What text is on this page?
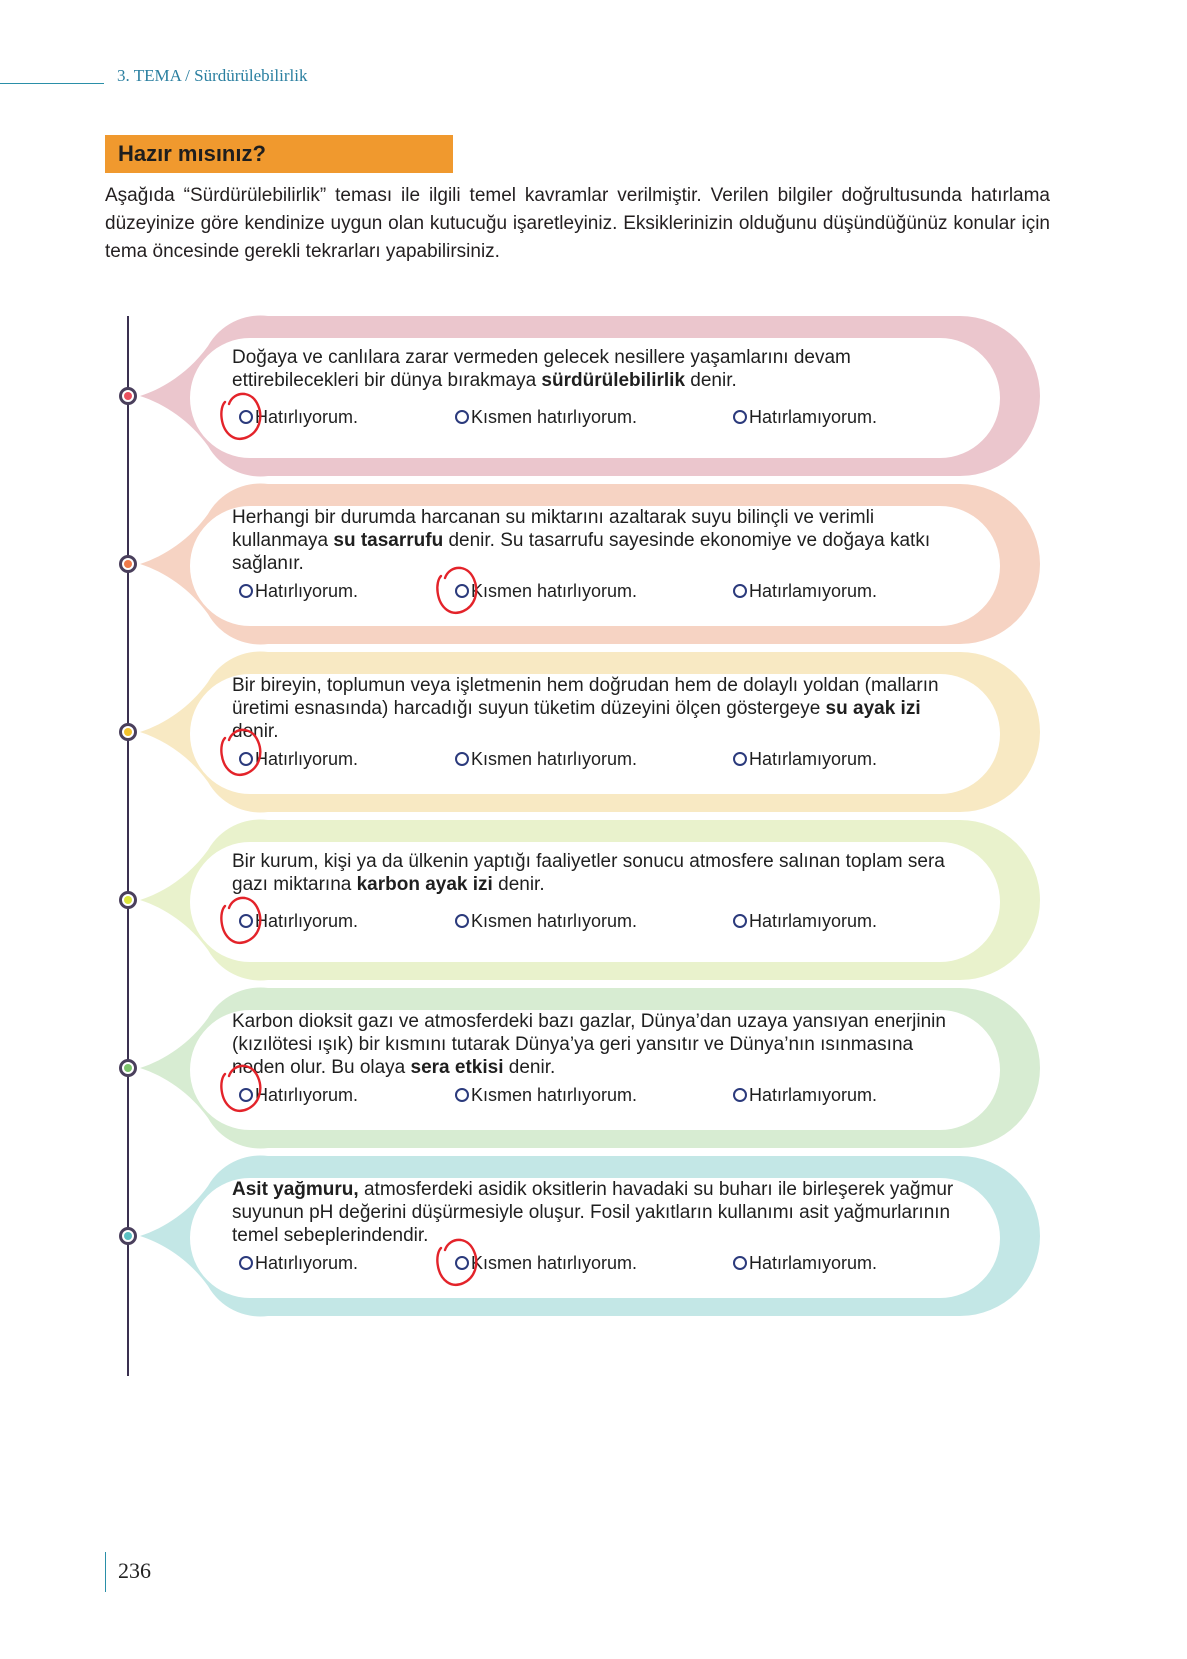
3. TEMA / Sürdürülebilirlik
Hazır mısınız?

Aşağıda “Sürdürülebilirlik” teması ile ilgili temel kavramlar verilmiştir. Verilen bilgiler doğrultusunda hatırlama düzeyinize göre kendinize uygun olan kutucuğu işaretleyiniz. Eksiklerinizin olduğunu düşündüğünüz konular için tema öncesinde gerekli tekrarları yapabilirsiniz.

Doğaya ve canlılara zarar vermeden gelecek nesillere yaşamlarını devam ettirebilecekleri bir dünya bırakmaya sürdürülebilirlik denir.
Hatırlıyorum.	Kısmen hatırlıyorum.	Hatırlamıyorum.
Herhangi bir durumda harcanan su miktarını azaltarak suyu bilinçli ve verimli kullanmaya su tasarrufu denir. Su tasarrufu sayesinde ekonomiye ve doğaya katkı sağlanır.
Hatırlıyorum.	Kısmen hatırlıyorum.	Hatırlamıyorum.
Bir bireyin, toplumun veya işletmenin hem doğrudan hem de dolaylı yoldan (malların üretimi esnasında) harcadığı suyun tüketim düzeyini ölçen göstergeye su ayak izi denir.
Hatırlıyorum.	Kısmen hatırlıyorum.	Hatırlamıyorum.
Bir kurum, kişi ya da ülkenin yaptığı faaliyetler sonucu atmosfere salınan toplam sera gazı miktarına karbon ayak izi denir.
Hatırlıyorum.	Kısmen hatırlıyorum.	Hatırlamıyorum.
Karbon dioksit gazı ve atmosferdeki bazı gazlar, Dünya’dan uzaya yansıyan enerjinin (kızılötesi ışık) bir kısmını tutarak Dünya’ya geri yansıtır ve Dünya’nın ısınmasına neden olur. Bu olaya sera etkisi denir.
Hatırlıyorum.	Kısmen hatırlıyorum.	Hatırlamıyorum.
Asit yağmuru, atmosferdeki asidik oksitlerin havadaki su buharı ile birleşerek yağmur suyunun pH değerini düşürmesiyle oluşur. Fosil yakıtların kullanımı asit yağmurlarının temel sebeplerindendir.
Hatırlıyorum.	Kısmen hatırlıyorum.	Hatırlamıyorum.
236
